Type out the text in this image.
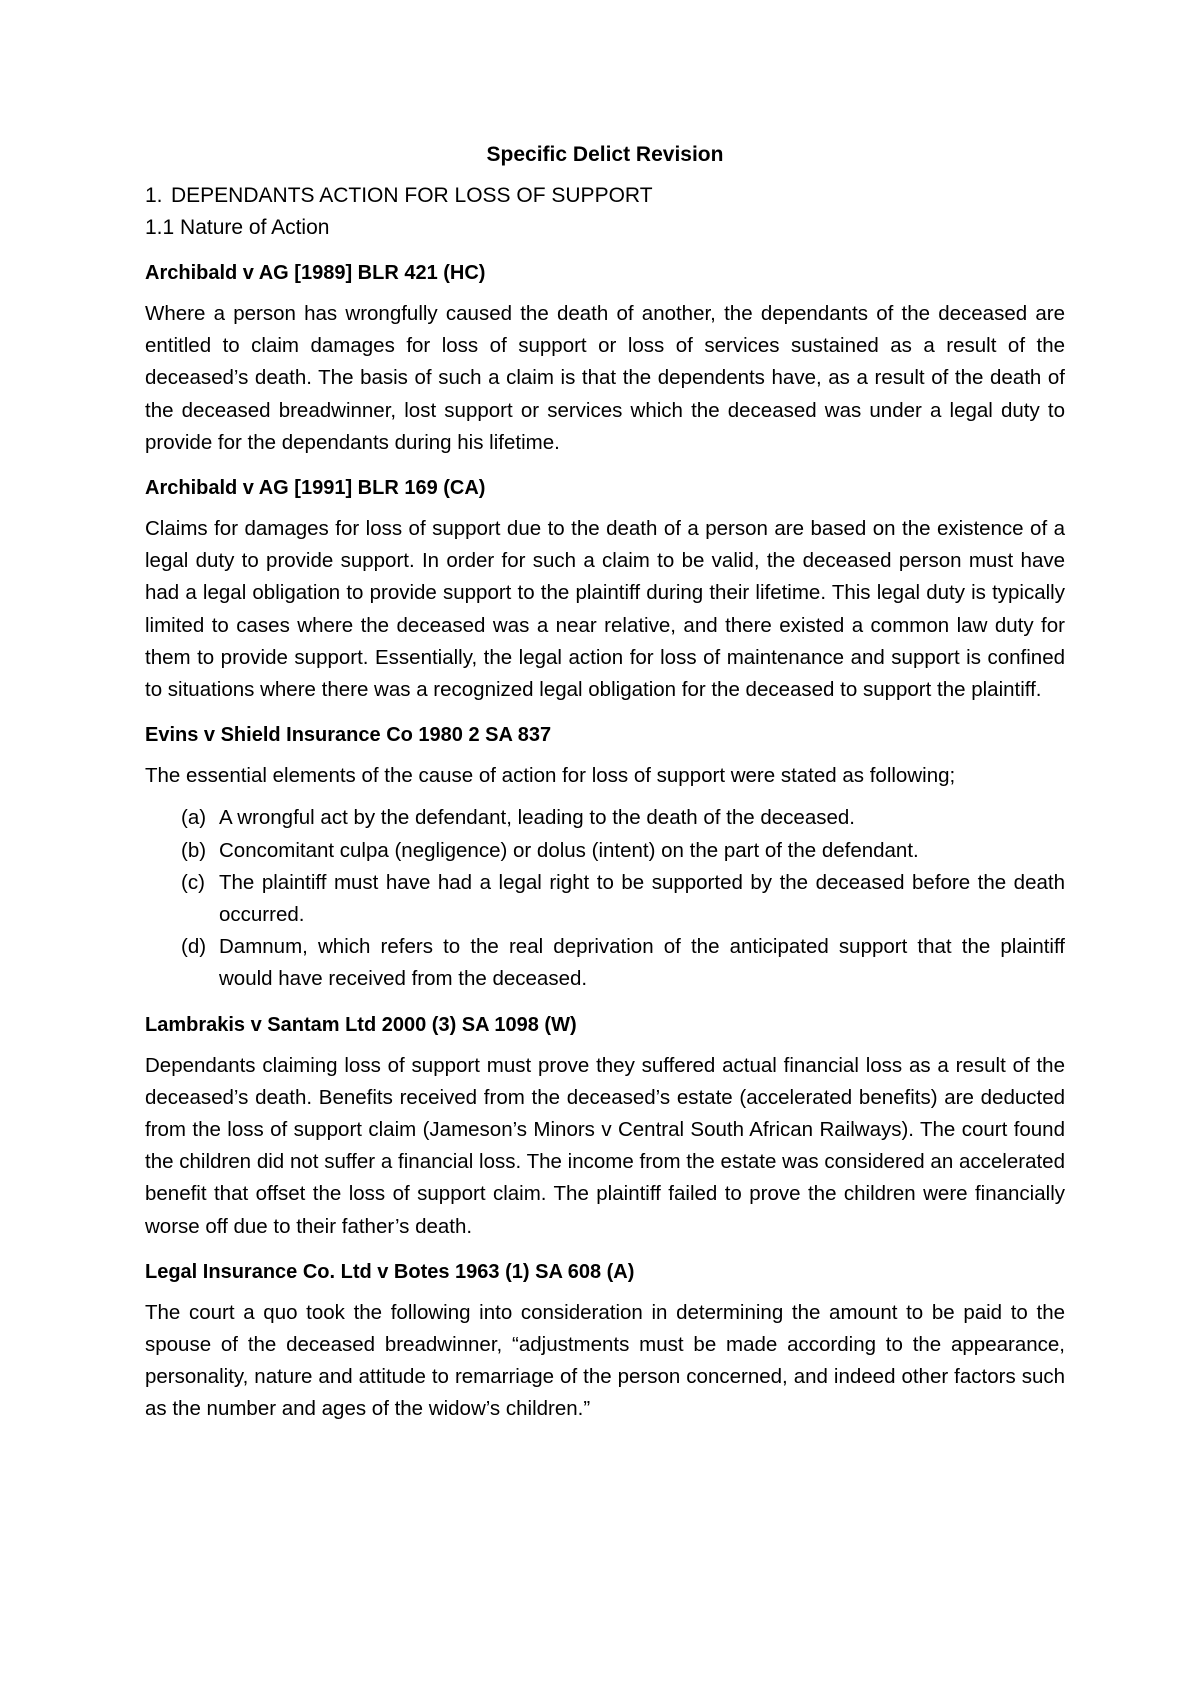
Specific Delict Revision
1. DEPENDANTS ACTION FOR LOSS OF SUPPORT
1.1 Nature of Action
Archibald v AG [1989] BLR 421 (HC)

Where a person has wrongfully caused the death of another, the dependants of the deceased are entitled to claim damages for loss of support or loss of services sustained as a result of the deceased’s death. The basis of such a claim is that the dependents have, as a result of the death of the deceased breadwinner, lost support or services which the deceased was under a legal duty to provide for the dependants during his lifetime.

Archibald v AG [1991] BLR 169 (CA)

Claims for damages for loss of support due to the death of a person are based on the existence of a legal duty to provide support. In order for such a claim to be valid, the deceased person must have had a legal obligation to provide support to the plaintiff during their lifetime. This legal duty is typically limited to cases where the deceased was a near relative, and there existed a common law duty for them to provide support. Essentially, the legal action for loss of maintenance and support is confined to situations where there was a recognized legal obligation for the deceased to support the plaintiff.

Evins v Shield Insurance Co 1980 2 SA 837

The essential elements of the cause of action for loss of support were stated as following;

(a) A wrongful act by the defendant, leading to the death of the deceased.
(b) Concomitant culpa (negligence) or dolus (intent) on the part of the defendant.
(c) The plaintiff must have had a legal right to be supported by the deceased before the death occurred.
(d) Damnum, which refers to the real deprivation of the anticipated support that the plaintiff would have received from the deceased.
Lambrakis v Santam Ltd 2000 (3) SA 1098 (W)

Dependants claiming loss of support must prove they suffered actual financial loss as a result of the deceased’s death. Benefits received from the deceased’s estate (accelerated benefits) are deducted from the loss of support claim (Jameson’s Minors v Central South African Railways). The court found the children did not suffer a financial loss. The income from the estate was considered an accelerated benefit that offset the loss of support claim. The plaintiff failed to prove the children were financially worse off due to their father’s death.

Legal Insurance Co. Ltd v Botes 1963 (1) SA 608 (A)

The court a quo took the following into consideration in determining the amount to be paid to the spouse of the deceased breadwinner, “adjustments must be made according to the appearance, personality, nature and attitude to remarriage of the person concerned, and indeed other factors such as the number and ages of the widow’s children.”
